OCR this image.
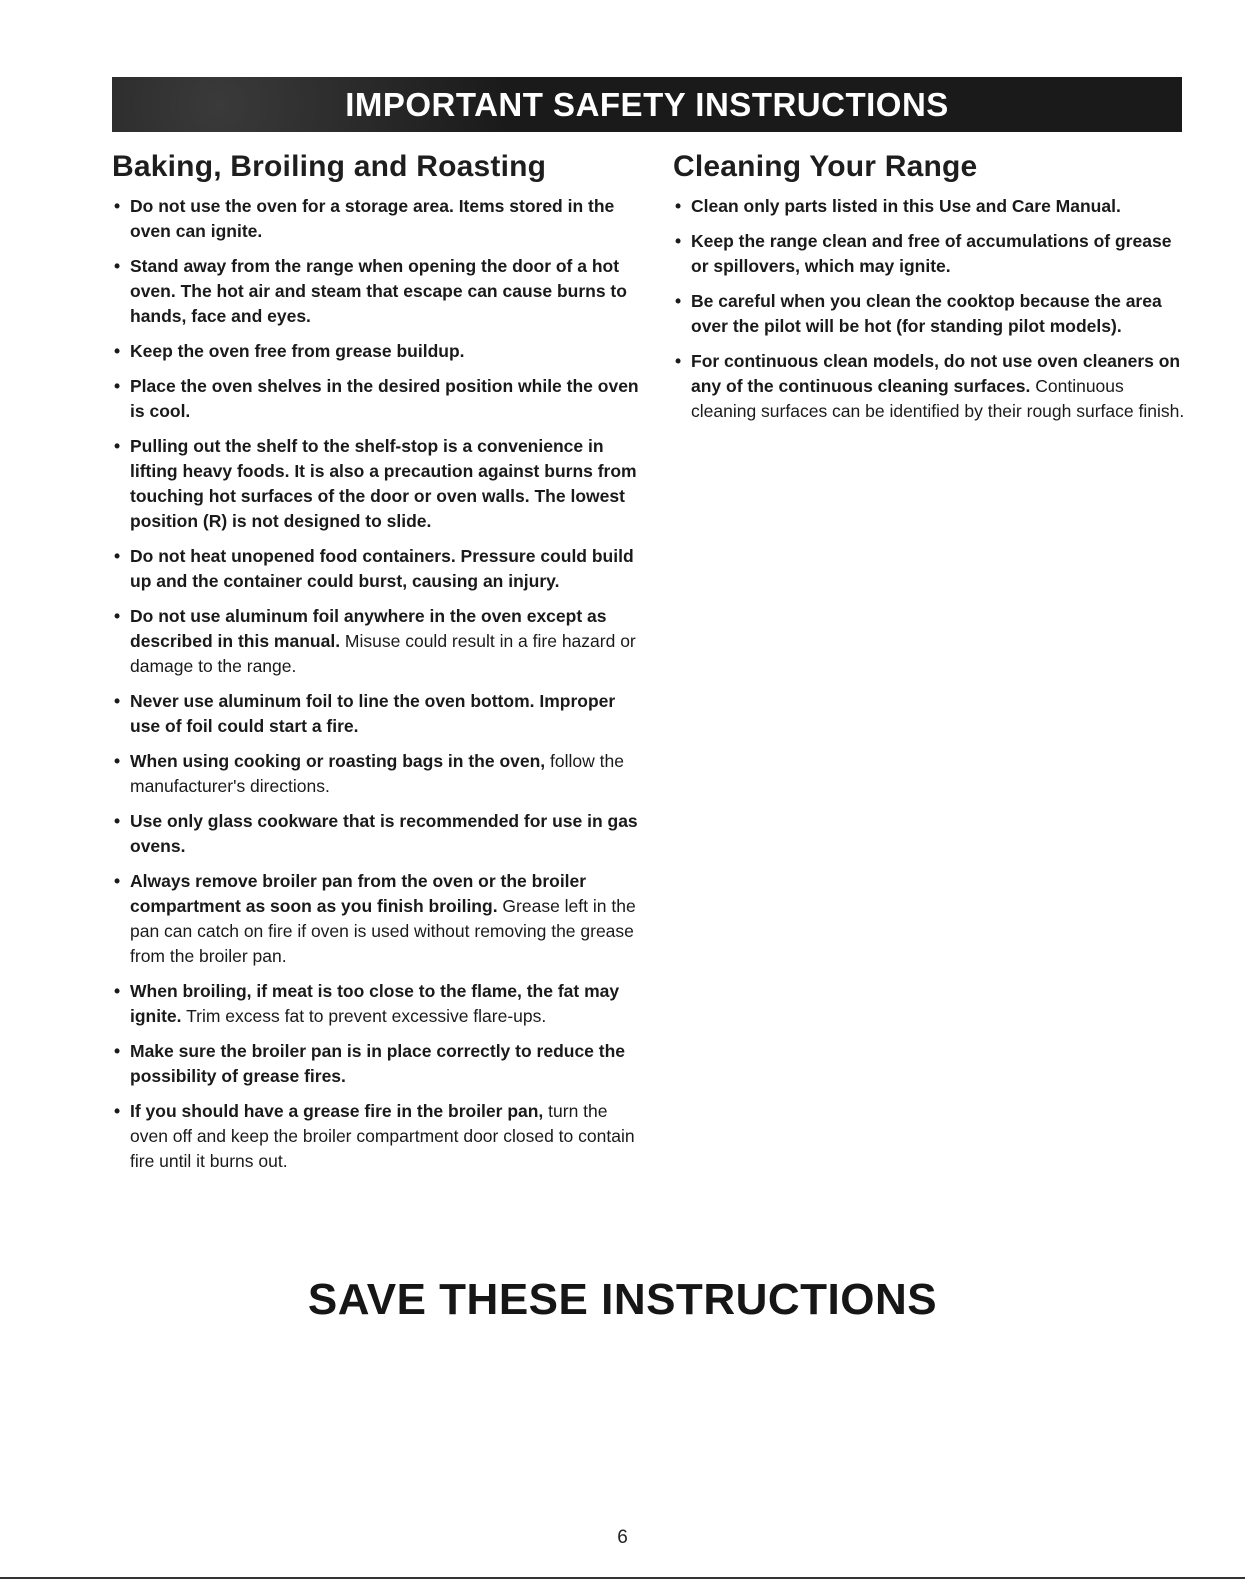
IMPORTANT SAFETY INSTRUCTIONS
Baking, Broiling and Roasting
• Do not use the oven for a storage area. Items stored in the oven can ignite.
• Stand away from the range when opening the door of a hot oven. The hot air and steam that escape can cause burns to hands, face and eyes.
• Keep the oven free from grease buildup.
• Place the oven shelves in the desired position while the oven is cool.
• Pulling out the shelf to the shelf-stop is a convenience in lifting heavy foods. It is also a precaution against burns from touching hot surfaces of the door or oven walls. The lowest position (R) is not designed to slide.
• Do not heat unopened food containers. Pressure could build up and the container could burst, causing an injury.
• Do not use aluminum foil anywhere in the oven except as described in this manual. Misuse could result in a fire hazard or damage to the range.
• Never use aluminum foil to line the oven bottom. Improper use of foil could start a fire.
• When using cooking or roasting bags in the oven, follow the manufacturer's directions.
• Use only glass cookware that is recommended for use in gas ovens.
• Always remove broiler pan from the oven or the broiler compartment as soon as you finish broiling. Grease left in the pan can catch on fire if oven is used without removing the grease from the broiler pan.
• When broiling, if meat is too close to the flame, the fat may ignite. Trim excess fat to prevent excessive flare-ups.
• Make sure the broiler pan is in place correctly to reduce the possibility of grease fires.
• If you should have a grease fire in the broiler pan, turn the oven off and keep the broiler compartment door closed to contain fire until it burns out.
Cleaning Your Range
• Clean only parts listed in this Use and Care Manual.
• Keep the range clean and free of accumulations of grease or spillovers, which may ignite.
• Be careful when you clean the cooktop because the area over the pilot will be hot (for standing pilot models).
• For continuous clean models, do not use oven cleaners on any of the continuous cleaning surfaces. Continuous cleaning surfaces can be identified by their rough surface finish.
SAVE THESE INSTRUCTIONS
6
